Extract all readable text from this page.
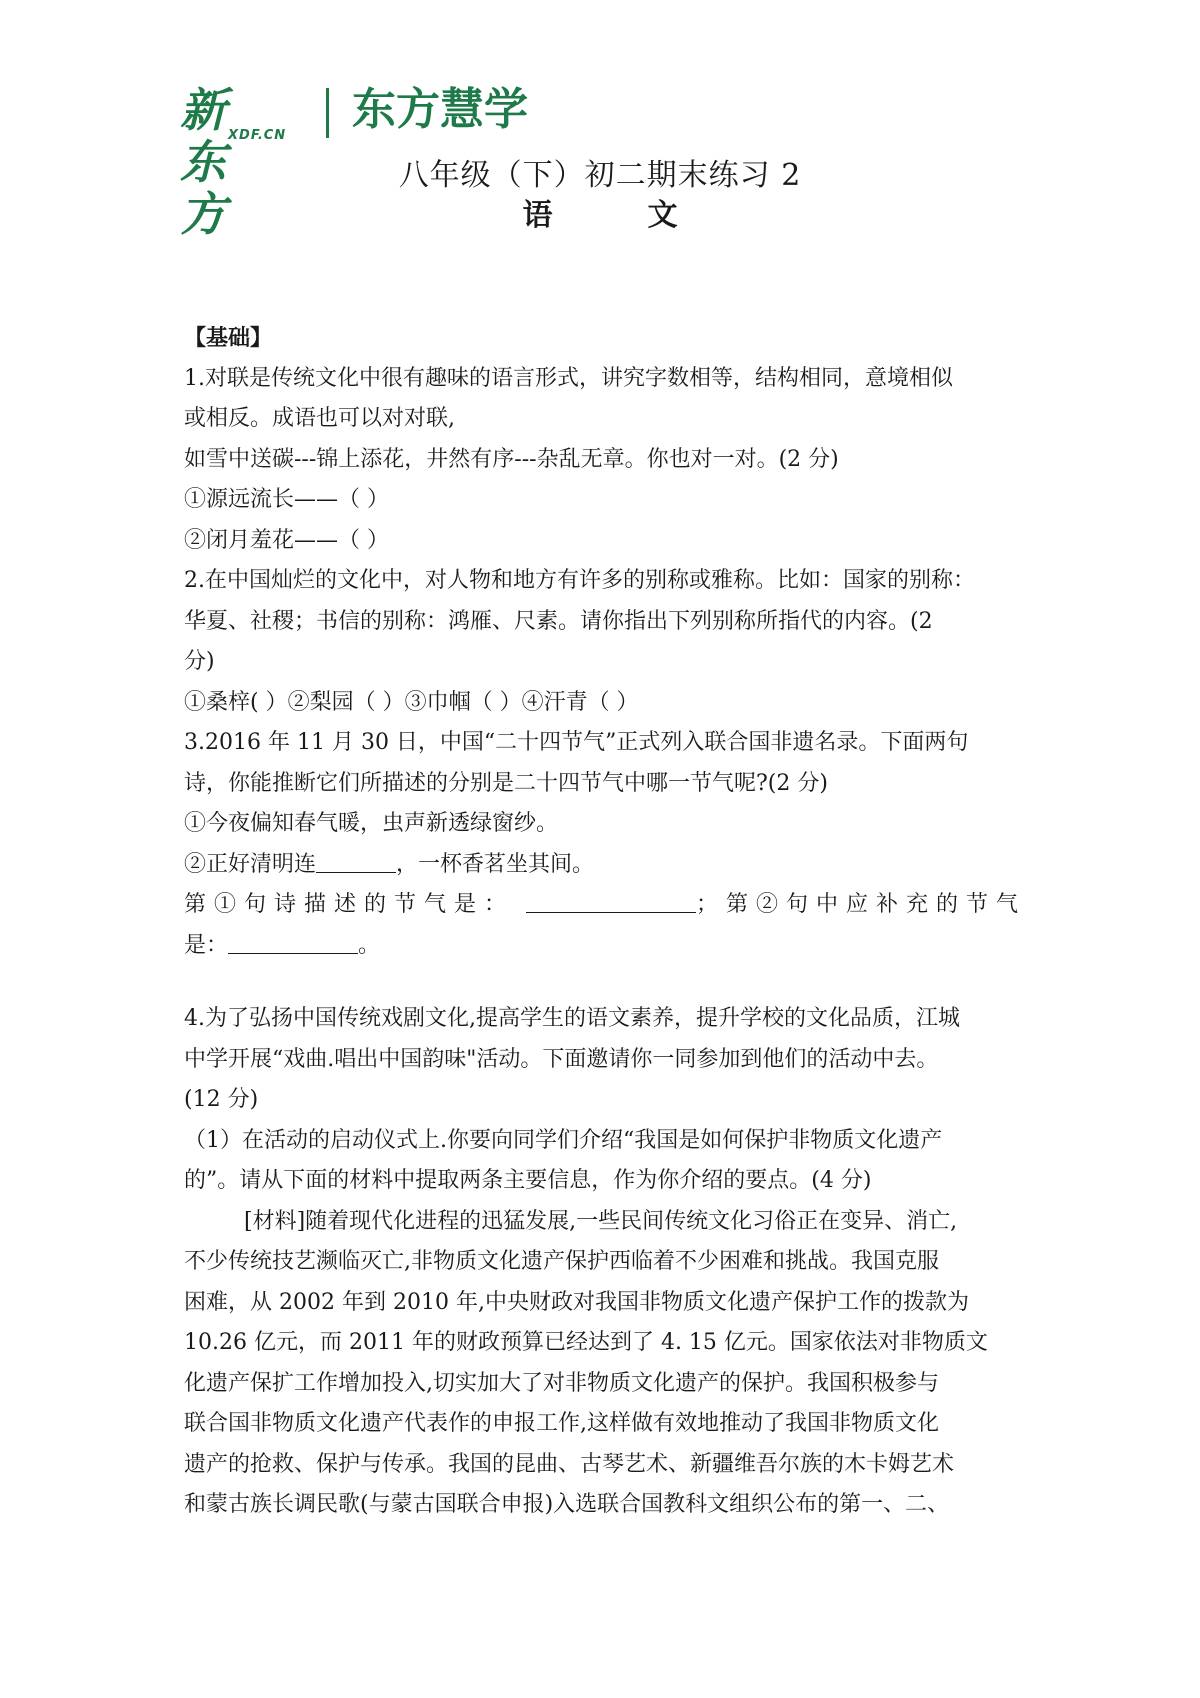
新东方
XDF.CN
东方慧学
八年级（下）初二期末练习 2
语	文
【基础】
1.对联是传统文化中很有趣味的语言形式，讲究字数相等，结构相同，意境相似
或相反。成语也可以对对联,
如雪中送碳---锦上添花，井然有序---杂乱无章。你也对一对。(2 分)
①源远流长——（ ）
②闭月羞花——（ ）
2.在中国灿烂的文化中，对人物和地方有许多的别称或雅称。比如：国家的别称：
华夏、社稷；书信的别称：鸿雁、尺素。请你指出下列别称所指代的内容。(2
分)
①桑梓( ）②梨园（ ）③巾帼（ ）④汗青（ ）
3.2016 年 11 月 30 日，中国“二十四节气”正式列入联合国非遗名录。下面两句
诗，你能推断它们所描述的分别是二十四节气中哪一节气呢?(2 分)
①今夜偏知春气暖，虫声新透绿窗纱。
②正好清明连	，一杯香茗坐其间。
第①句诗描述的节气是：	；第②句中应补充的节气
是：	。
4.为了弘扬中国传统戏剧文化,提高学生的语文素养，提升学校的文化品质，江城
中学开展“戏曲.唱出中国韵味"活动。下面邀请你一同参加到他们的活动中去。
(12 分)
（1）在活动的启动仪式上.你要向同学们介绍“我国是如何保护非物质文化遗产
的”。请从下面的材料中提取两条主要信息，作为你介绍的要点。(4 分)
[材料]随着现代化进程的迅猛发展,一些民间传统文化习俗正在变异、消亡,
不少传统技艺濒临灭亡,非物质文化遗产保护西临着不少困难和挑战。我国克服
困难，从 2002 年到 2010 年,中央财政对我国非物质文化遗产保护工作的拨款为
10.26 亿元，而 2011 年的财政预算已经达到了 4. 15 亿元。国家依法对非物质文
化遗产保扩工作增加投入,切实加大了对非物质文化遗产的保护。我国积极参与
联合国非物质文化遗产代表作的申报工作,这样做有效地推动了我国非物质文化
遗产的抢救、保护与传承。我国的昆曲、古琴艺术、新疆维吾尔族的木卡姆艺术
和蒙古族长调民歌(与蒙古国联合申报)入选联合国教科文组织公布的第一、二、
